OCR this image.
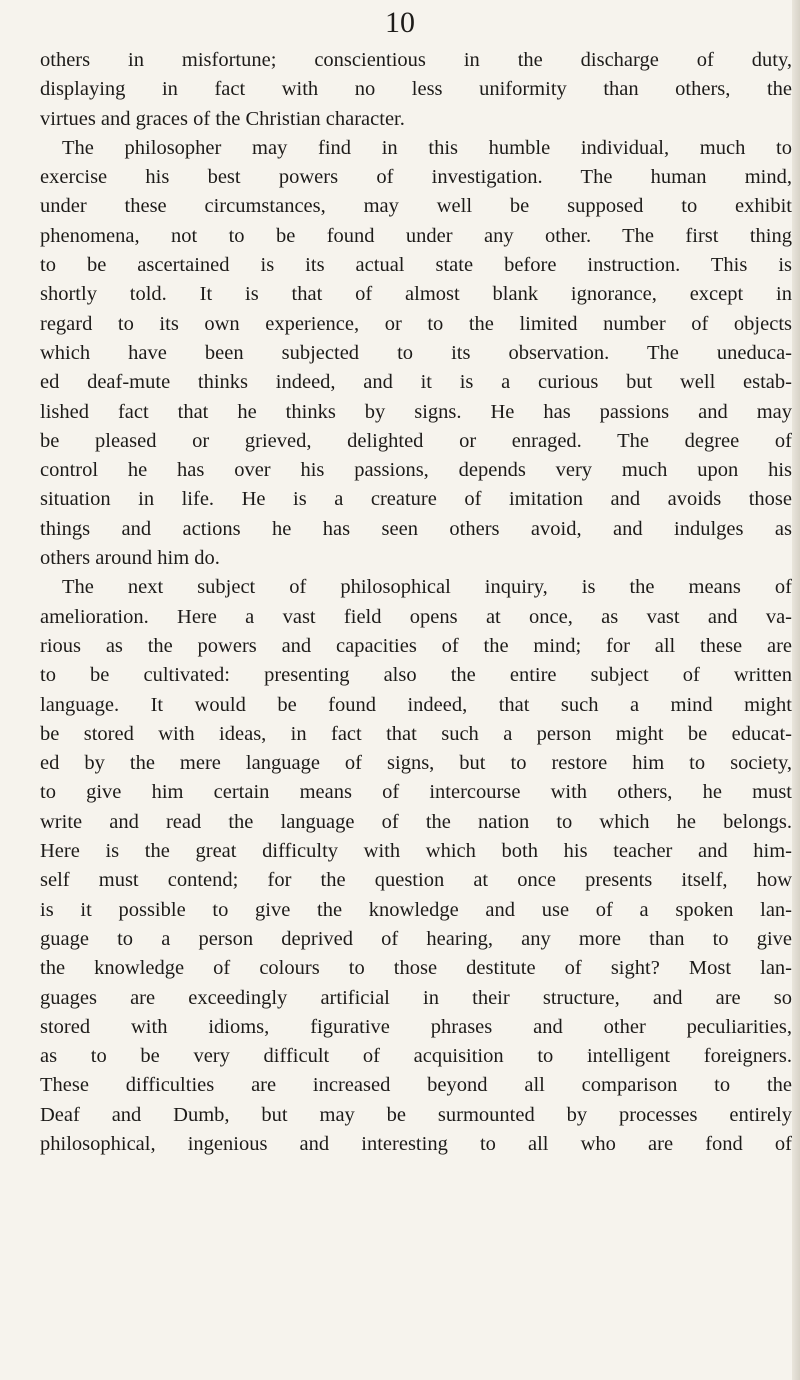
10
others in misfortune; conscientious in the discharge of duty,
displaying in fact with no less uniformity than others, the
virtues and graces of the Christian character.
The philosopher may find in this humble individual, much to
exercise his best powers of investigation. The human mind,
under these circumstances, may well be supposed to exhibit
phenomena, not to be found under any other. The first thing
to be ascertained is its actual state before instruction. This is
shortly told. It is that of almost blank ignorance, except in
regard to its own experience, or to the limited number of objects
which have been subjected to its observation. The uneduca-
ed deaf-mute thinks indeed, and it is a curious but well estab-
lished fact that he thinks by signs. He has passions and may
be pleased or grieved, delighted or enraged. The degree of
control he has over his passions, depends very much upon his
situation in life. He is a creature of imitation and avoids those
things and actions he has seen others avoid, and indulges as
others around him do.
The next subject of philosophical inquiry, is the means of
amelioration. Here a vast field opens at once, as vast and va-
rious as the powers and capacities of the mind; for all these are
to be cultivated: presenting also the entire subject of written
language. It would be found indeed, that such a mind might
be stored with ideas, in fact that such a person might be educat-
ed by the mere language of signs, but to restore him to society,
to give him certain means of intercourse with others, he must
write and read the language of the nation to which he belongs.
Here is the great difficulty with which both his teacher and him-
self must contend; for the question at once presents itself, how
is it possible to give the knowledge and use of a spoken lan-
guage to a person deprived of hearing, any more than to give
the knowledge of colours to those destitute of sight? Most lan-
guages are exceedingly artificial in their structure, and are so
stored with idioms, figurative phrases and other peculiarities,
as to be very difficult of acquisition to intelligent foreigners.
These difficulties are increased beyond all comparison to the
Deaf and Dumb, but may be surmounted by processes entirely
philosophical, ingenious and interesting to all who are fond of
